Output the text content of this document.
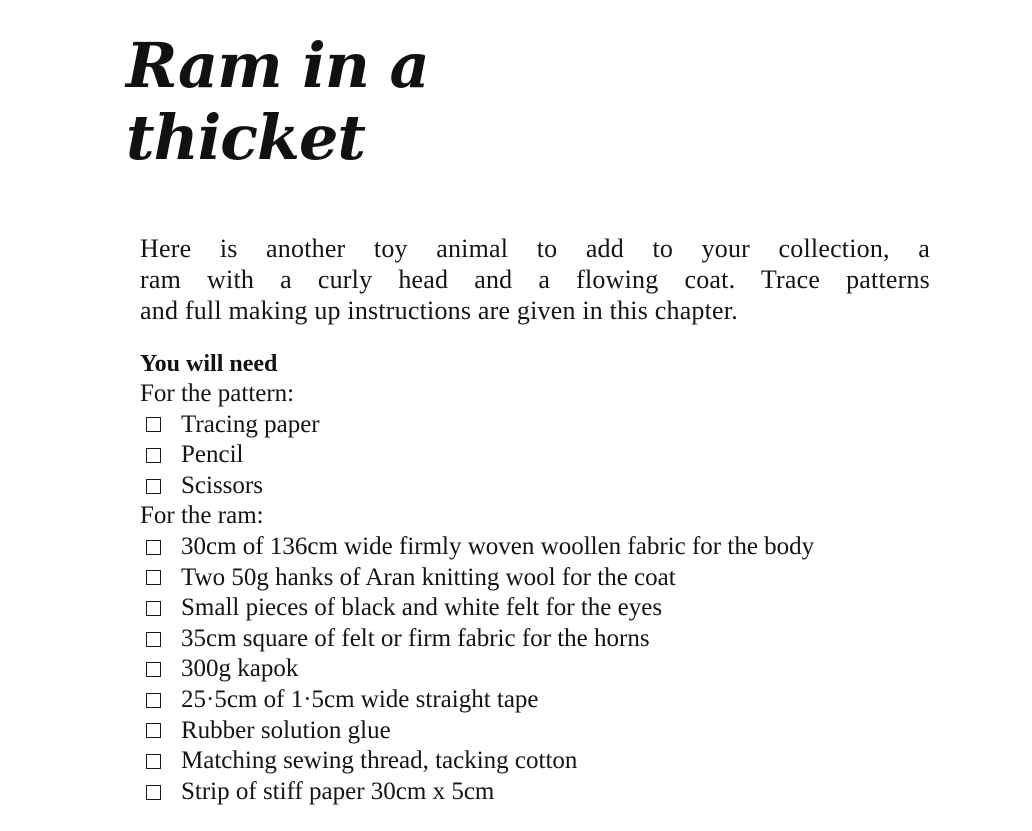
Ram in a
thicket

Here is another toy animal to add to your collection, a
ram with a curly head and a flowing coat. Trace patterns
and full making up instructions are given in this chapter.

You will need
For the pattern:
Tracing paper
Pencil
Scissors
For the ram:
30cm of 136cm wide firmly woven woollen fabric for the body
Two 50g hanks of Aran knitting wool for the coat
Small pieces of black and white felt for the eyes
35cm square of felt or firm fabric for the horns
300g kapok
25·5cm of 1·5cm wide straight tape
Rubber solution glue
Matching sewing thread, tacking cotton
Strip of stiff paper 30cm x 5cm
